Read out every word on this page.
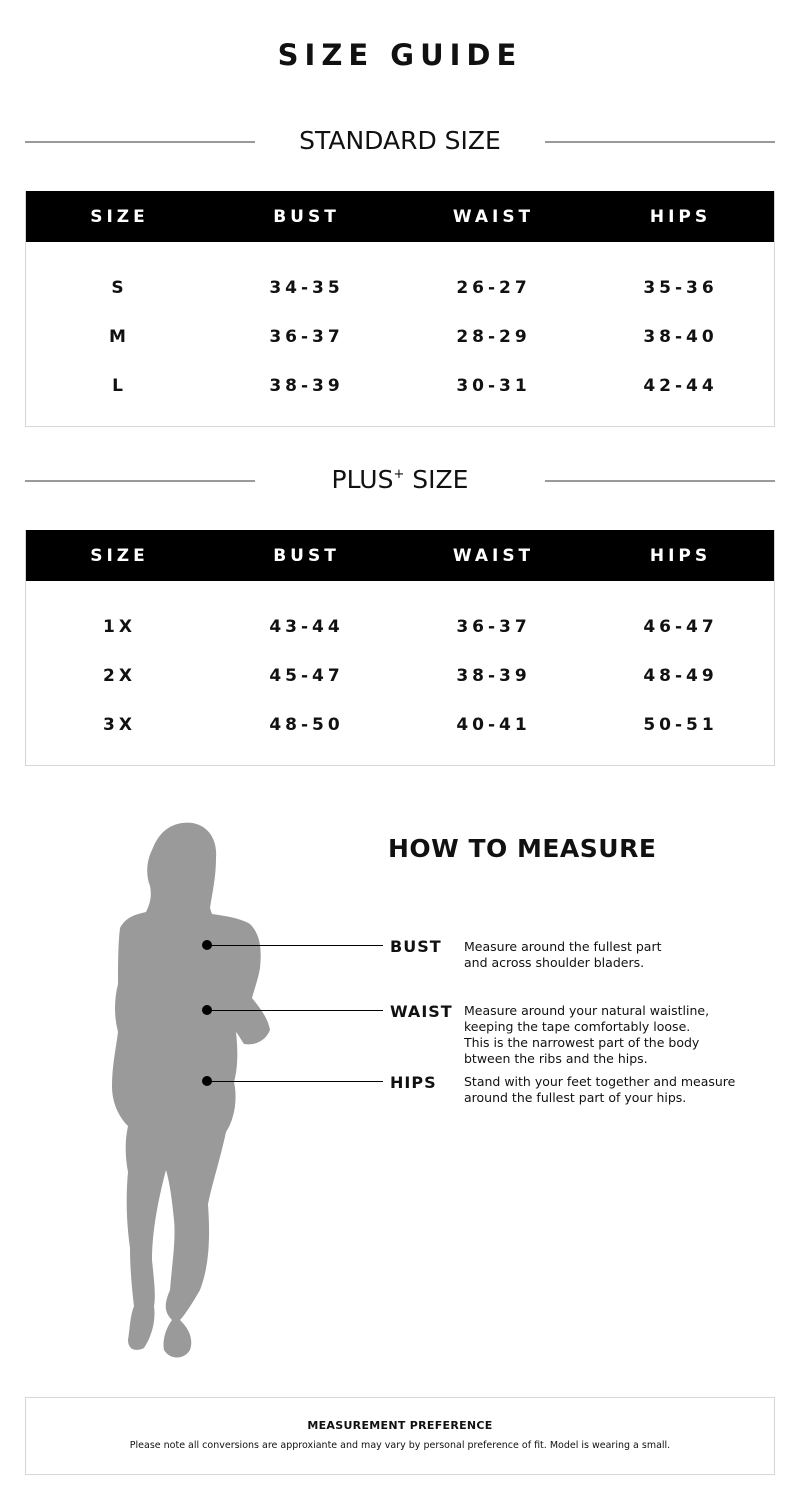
SIZE GUIDE
STANDARD SIZE
SIZE	BUST	WAIST	HIPS
S	34-35	26-27	35-36
M	36-37	28-29	38-40
L	38-39	30-31	42-44
PLUS+ SIZE
SIZE	BUST	WAIST	HIPS
1X	43-44	36-37	46-47
2X	45-47	38-39	48-49
3X	48-50	40-41	50-51
HOW TO MEASURE
BUST Measure around the fullest part
and across shoulder bladers.
WAIST Measure around your natural waistline,
keeping the tape comfortably loose.
This is the narrowest part of the body
btween the ribs and the hips.
HIPS Stand with your feet together and measure
around the fullest part of your hips.
MEASUREMENT PREFERENCE
Please note all conversions are approxiante and may vary by personal preference of fit. Model is wearing a small.
